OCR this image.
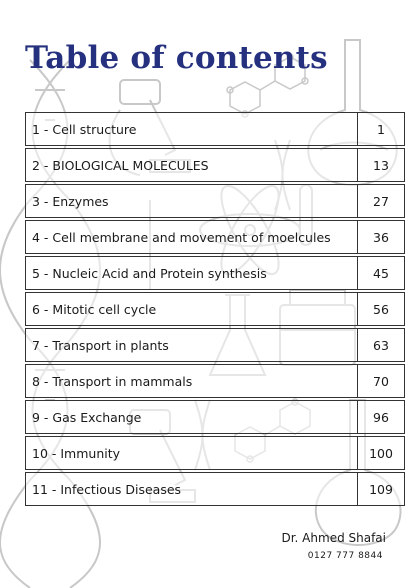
Table of contents
1 - Cell structure	1
2 - BIOLOGICAL MOLECULES	13
3 - Enzymes	27
4 - Cell membrane and movement of moelcules	36
5 - Nucleic Acid and Protein synthesis	45
6 - Mitotic cell cycle	56
7 - Transport in plants	63
8 - Transport in mammals	70
9 - Gas Exchange	96
10 - Immunity	100
11 - Infectious Diseases	109
Dr. Ahmed Shafai
0127 777 8844
